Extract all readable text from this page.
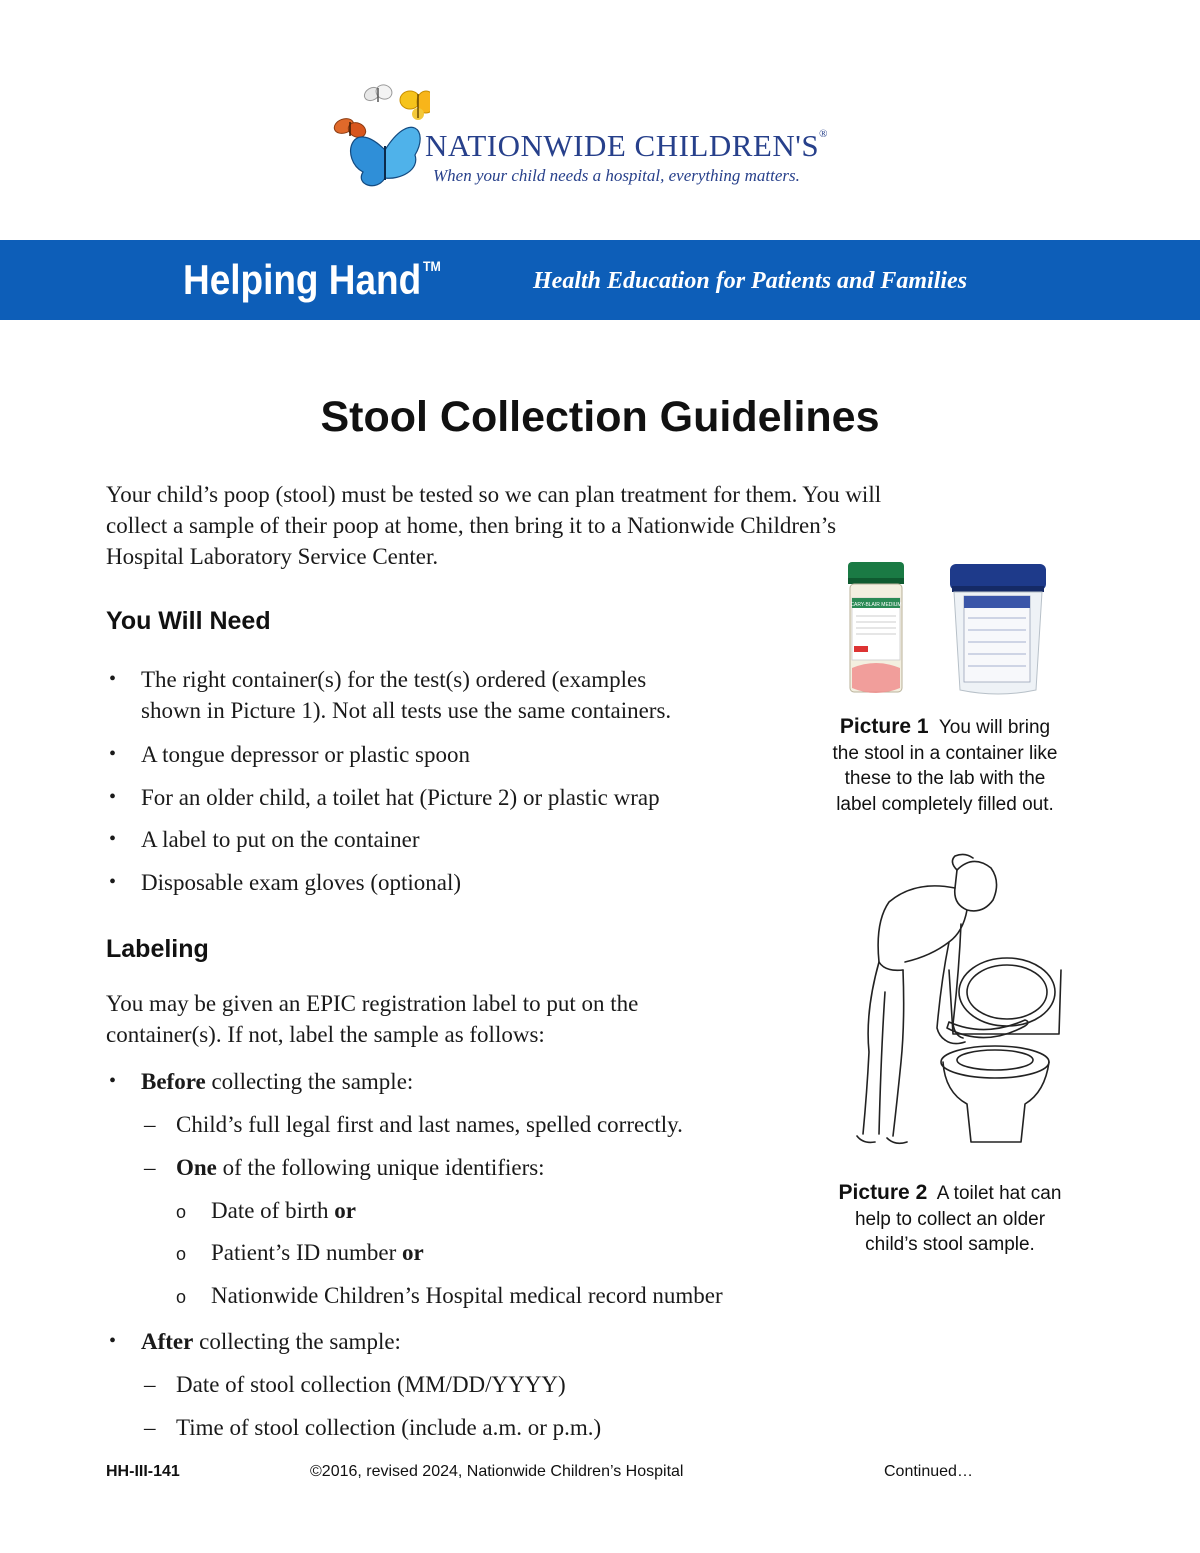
NATIONWIDE CHILDREN'S®
When your child needs a hospital, everything matters.
Helping Hand ™
Health Education for Patients and Families
Stool Collection Guidelines
Your child’s poop (stool) must be tested so we can plan treatment for them. You will
collect a sample of their poop at home, then bring it to a Nationwide Children’s
Hospital Laboratory Service Center.
You Will Need
• The right container(s) for the test(s) ordered (examples
shown in Picture 1). Not all tests use the same containers.
• A tongue depressor or plastic spoon
• For an older child, a toilet hat (Picture 2) or plastic wrap
• A label to put on the container
• Disposable exam gloves (optional)
Labeling
You may be given an EPIC registration label to put on the
container(s). If not, label the sample as follows:
• Before collecting the sample:
– Child’s full legal first and last names, spelled correctly.
– One of the following unique identifiers:
o Date of birth or
o Patient’s ID number or
o Nationwide Children’s Hospital medical record number
• After collecting the sample:
– Date of stool collection (MM/DD/YYYY)
– Time of stool collection (include a.m. or p.m.)
CARY-BLAIR MEDIUM
Picture 1 You will bring
the stool in a container like
these to the lab with the
label completely filled out.
Picture 2 A toilet hat can
help to collect an older
child’s stool sample.
HH-III-141	©2016, revised 2024, Nationwide Children’s Hospital	Continued…
